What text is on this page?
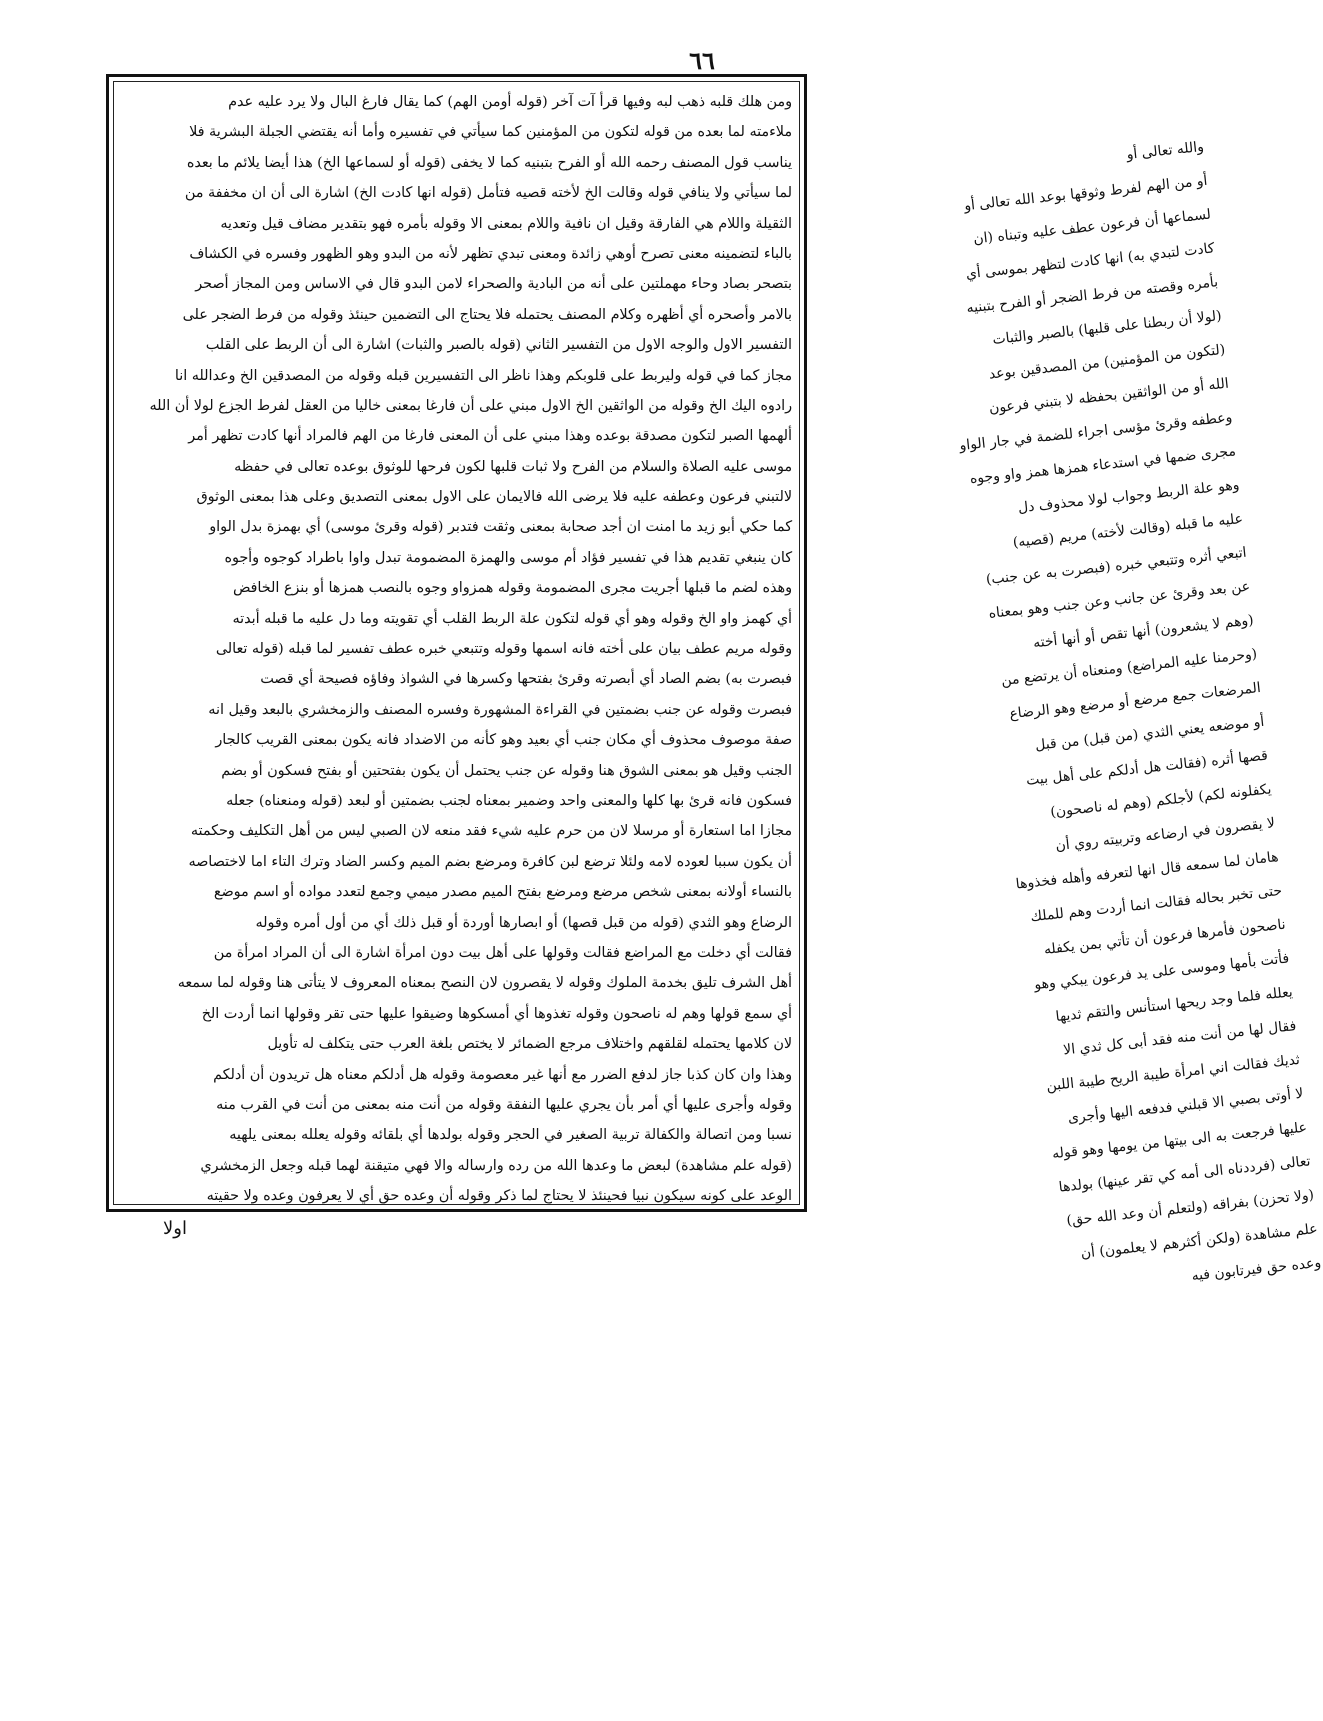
٦٦
ومن هلك قلبه ذهب لبه وفيها قرأ آت آخر (قوله أومن الهم) كما يقال فارغ البال ولا يرد عليه عدم
ملاءمته لما بعده من قوله لتكون من المؤمنين كما سيأتي في تفسيره وأما أنه يقتضي الجبلة البشرية فلا
يناسب قول المصنف رحمه الله أو الفرح بتبنيه كما لا يخفى (قوله أو لسماعها الخ) هذا أيضا يلائم ما بعده
لما سيأتي ولا ينافي قوله وقالت الخ لأخته قصيه فتأمل (قوله انها كادت الخ) اشارة الى أن ان مخففة من
الثقيلة واللام هي الفارقة وقيل ان نافية واللام بمعنى الا وقوله بأمره فهو بتقدير مضاف قيل وتعديه
بالباء لتضمينه معنى تصرح أوهي زائدة ومعنى تبدي تظهر لأنه من البدو وهو الظهور وفسره في الكشاف
بتصحر بصاد وحاء مهملتين على أنه من البادية والصحراء لامن البدو قال في الاساس ومن المجاز أصحر
بالامر وأصحره أي أظهره وكلام المصنف يحتمله فلا يحتاج الى التضمين حينئذ وقوله من فرط الضجر على
التفسير الاول والوجه الاول من التفسير الثاني (قوله بالصبر والثبات) اشارة الى أن الربط على القلب
مجاز كما في قوله وليربط على قلوبكم وهذا ناظر الى التفسيرين قبله وقوله من المصدقين الخ وعدالله انا
رادوه اليك الخ وقوله من الواثقين الخ الاول مبني على أن فارغا بمعنى خاليا من العقل لفرط الجزع لولا أن الله
ألهمها الصبر لتكون مصدقة بوعده وهذا مبني على أن المعنى فارغا من الهم فالمراد أنها كادت تظهر أمر
موسى عليه الصلاة والسلام من الفرح ولا ثبات قلبها لكون فرحها للوثوق بوعده تعالى في حفظه
لالتبني فرعون وعطفه عليه فلا يرضى الله فالايمان على الاول بمعنى التصديق وعلى هذا بمعنى الوثوق
كما حكي أبو زيد ما امنت ان أجد صحابة بمعنى وثقت فتدبر (قوله وقرئ موسى) أي بهمزة بدل الواو
كان ينبغي تقديم هذا في تفسير فؤاد أم موسى والهمزة المضمومة تبدل واوا باطراد كوجوه وأجوه
وهذه لضم ما قبلها أجريت مجرى المضمومة وقوله همزواو وجوه بالنصب همزها أو بنزع الخافض
أي كهمز واو الخ وقوله وهو أي قوله لتكون علة الربط القلب أي تقويته وما دل عليه ما قبله أبدته
وقوله مريم عطف بيان على أخته فانه اسمها وقوله وتتبعي خبره عطف تفسير لما قبله (قوله تعالى
فبصرت به) بضم الصاد أي أبصرته وقرئ بفتحها وكسرها في الشواذ وفاؤه فصيحة أي قصت
فبصرت وقوله عن جنب بضمتين في القراءة المشهورة وفسره المصنف والزمخشري بالبعد وقيل انه
صفة موصوف محذوف أي مكان جنب أي بعيد وهو كأنه من الاضداد فانه يكون بمعنى القريب كالجار
الجنب وقيل هو بمعنى الشوق هنا وقوله عن جنب يحتمل أن يكون بفتحتين أو بفتح فسكون أو بضم
فسكون فانه قرئ بها كلها والمعنى واحد وضمير بمعناه لجنب بضمتين أو لبعد (قوله ومنعناه) جعله
مجازا اما استعارة أو مرسلا لان من حرم عليه شيء فقد منعه لان الصبي ليس من أهل التكليف وحكمته
أن يكون سببا لعوده لامه ولئلا ترضع لبن كافرة ومرضع بضم الميم وكسر الضاد وترك التاء اما لاختصاصه
بالنساء أولانه بمعنى شخص مرضع ومرضع بفتح الميم مصدر ميمي وجمع لتعدد مواده أو اسم موضع
الرضاع وهو الثدي (قوله من قبل قصها) أو ابصارها أوردة أو قبل ذلك أي من أول أمره وقوله
فقالت أي دخلت مع المراضع فقالت وقولها على أهل بيت دون امرأة اشارة الى أن المراد امرأة من
أهل الشرف تليق بخدمة الملوك وقوله لا يقصرون لان النصح بمعناه المعروف لا يتأتى هنا وقوله لما سمعه
أي سمع قولها وهم له ناصحون وقوله تغذوها أي أمسكوها وضيقوا عليها حتى تقر وقولها انما أردت الخ
لان كلامها يحتمله لقلقهم واختلاف مرجع الضمائر لا يختص بلغة العرب حتى يتكلف له تأويل
وهذا وان كان كذبا جاز لدفع الضرر مع أنها غير معصومة وقوله هل أدلكم معناه هل تريدون أن أدلكم
وقوله وأجرى عليها أي أمر بأن يجري عليها النفقة وقوله من أنت منه بمعنى من أنت في القرب منه
نسبا ومن اتصالة والكفالة تربية الصغير في الحجر وقوله بولدها أي بلقائه وقوله يعلله بمعنى يلهيه
(قوله علم مشاهدة) لبعض ما وعدها الله من رده وارساله والا فهي متيقنة لهما قبله وجعل الزمخشري
الوعد على كونه سيكون نبيا فحينئذ لا يحتاج لما ذكر وقوله أن وعده حق أي لا يعرفون وعده ولا حقيته
والله تعالى أو
أو من الهم لفرط وثوقها بوعد الله تعالى أو
لسماعها أن فرعون عطف عليه وتبناه (ان
كادت لتبدي به) انها كادت لتظهر بموسى أي
بأمره وقصته من فرط الضجر أو الفرح بتبنيه
(لولا أن ربطنا على قلبها) بالصبر والثبات
(لتكون من المؤمنين) من المصدقين بوعد
الله أو من الواثقين بحفظه لا بتبني فرعون
وعطفه وقرئ مؤسى اجراء للضمة في جار الواو
مجرى ضمها في استدعاء همزها همز واو وجوه
وهو علة الربط وجواب لولا محذوف دل
عليه ما قبله (وقالت لأخته) مريم (قصيه)
اتبعي أثره وتتبعي خبره (فبصرت به عن جنب)
عن بعد وقرئ عن جانب وعن جنب وهو بمعناه
(وهم لا يشعرون) أنها تقص أو أنها أخته
(وحرمنا عليه المراضع) ومنعناه أن يرتضع من
المرضعات جمع مرضع أو مرضع وهو الرضاع
أو موضعه يعني الثدي (من قبل) من قبل
قصها أثره (فقالت هل أدلكم على أهل بيت
يكفلونه لكم) لأجلكم (وهم له ناصحون)
لا يقصرون في ارضاعه وتربيته روي أن
هامان لما سمعه قال انها لتعرفه وأهله فخذوها
حتى تخبر بحاله فقالت انما أردت وهم للملك
ناصحون فأمرها فرعون أن تأتي بمن يكفله
فأتت بأمها وموسى على يد فرعون يبكي وهو
يعلله فلما وجد ريحها استأنس والتقم ثديها
فقال لها من أنت منه فقد أبى كل ثدي الا
ثديك فقالت اني امرأة طيبة الريح طيبة اللبن
لا أوتى بصبي الا قبلني فدفعه اليها وأجرى
عليها فرجعت به الى بيتها من يومها وهو قوله
تعالى (فرددناه الى أمه كي تقر عينها) بولدها
(ولا تحزن) بفراقه (ولتعلم أن وعد الله حق)
علم مشاهدة (ولكن أكثرهم لا يعلمون) أن
وعده حق فيرتابون فيه
اولا
